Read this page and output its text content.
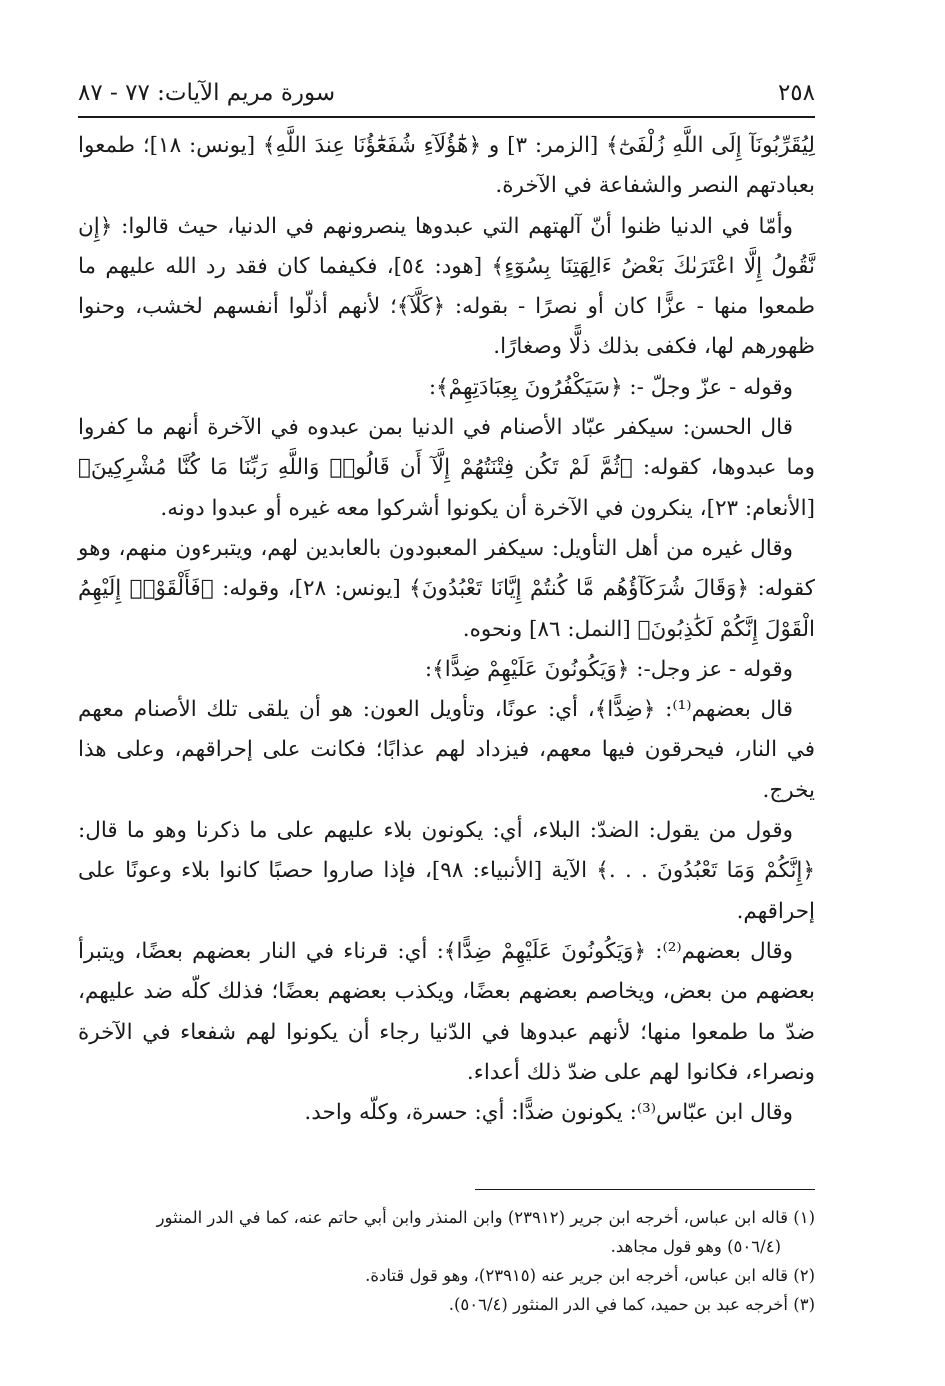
٢٥٨
سورة مريم الآيات: ٧٧ - ٨٧

لِيُقَرِّبُونَآ إِلَى اللَّهِ زُلْفَىٰٓ﴾ [الزمر: ٣] و ﴿هَٰٓؤُلَآءِ شُفَعَٰٓؤُنَا عِندَ اللَّهِ﴾ [يونس: ١٨]؛ طمعوا بعبادتهم النصر والشفاعة في الآخرة.

وأمّا في الدنيا ظنوا أنّ آلهتهم التي عبدوها ينصرونهم في الدنيا، حيث قالوا: ﴿إِن نَّقُولُ إِلَّا اعْتَرَىٰكَ بَعْضُ ءَالِهَتِنَا بِسُوٓءٍ﴾ [هود: ٥٤]، فكيفما كان فقد رد الله عليهم ما طمعوا منها - عزًّا كان أو نصرًا - بقوله: ﴿كَلَّآ﴾؛ لأنهم أذلّوا أنفسهم لخشب، وحنوا ظهورهم لها، فكفى بذلك ذلًّا وصغارًا.

وقوله - عزّ وجلّ -: ﴿سَيَكْفُرُونَ بِعِبَادَتِهِمْ﴾:

قال الحسن: سيكفر عبّاد الأصنام في الدنيا بمن عبدوه في الآخرة أنهم ما كفروا وما عبدوها، كقوله: ﴿ثُمَّ لَمْ تَكُن فِتْنَتُهُمْ إِلَّآ أَن قَالُوا۟ وَاللَّهِ رَبِّنَا مَا كُنَّا مُشْرِكِينَ﴾ [الأنعام: ٢٣]، ينكرون في الآخرة أن يكونوا أشركوا معه غيره أو عبدوا دونه.

وقال غيره من أهل التأويل: سيكفر المعبودون بالعابدين لهم، ويتبرءون منهم، وهو كقوله: ﴿وَقَالَ شُرَكَآؤُهُم مَّا كُنتُمْ إِيَّانَا تَعْبُدُونَ﴾ [يونس: ٢٨]، وقوله: ﴿فَأَلْقَوْا۟ إِلَيْهِمُ الْقَوْلَ إِنَّكُمْ لَكَٰذِبُونَ﴾ [النمل: ٨٦] ونحوه.

وقوله - عز وجل-: ﴿وَيَكُونُونَ عَلَيْهِمْ ضِدًّا﴾:

قال بعضهم⁽¹⁾: ﴿ضِدًّا﴾، أي: عونًا، وتأويل العون: هو أن يلقى تلك الأصنام معهم في النار، فيحرقون فيها معهم، فيزداد لهم عذابًا؛ فكانت على إحراقهم، وعلى هذا يخرج.

وقول من يقول: الضدّ: البلاء، أي: يكونون بلاء عليهم على ما ذكرنا وهو ما قال: ﴿إِنَّكُمْ وَمَا تَعْبُدُونَ . . .﴾ الآية [الأنبياء: ٩٨]، فإذا صاروا حصبًا كانوا بلاء وعونًا على إحراقهم.

وقال بعضهم⁽²⁾: ﴿وَيَكُونُونَ عَلَيْهِمْ ضِدًّا﴾: أي: قرناء في النار بعضهم بعضًا، ويتبرأ بعضهم من بعض، ويخاصم بعضهم بعضًا، ويكذب بعضهم بعضًا؛ فذلك كلّه ضد عليهم، ضدّ ما طمعوا منها؛ لأنهم عبدوها في الدّنيا رجاء أن يكونوا لهم شفعاء في الآخرة ونصراء، فكانوا لهم على ضدّ ذلك أعداء.

وقال ابن عبّاس⁽³⁾: يكونون ضدًّا: أي: حسرة، وكلّه واحد.

(١) قاله ابن عباس، أخرجه ابن جرير (٢٣٩١٢) وابن المنذر وابن أبي حاتم عنه، كما في الدر المنثور

(٥٠٦/٤) وهو قول مجاهد.

(٢) قاله ابن عباس، أخرجه ابن جرير عنه (٢٣٩١٥)، وهو قول قتادة.

(٣) أخرجه عبد بن حميد، كما في الدر المنثور (٥٠٦/٤).
